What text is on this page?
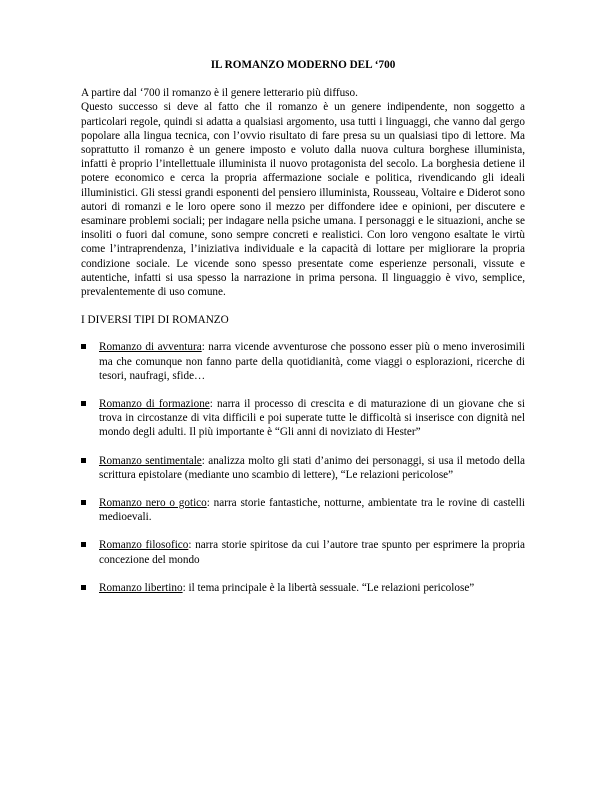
IL ROMANZO MODERNO DEL ‘700

A partire dal ‘700 il romanzo è il genere letterario più diffuso.

Questo successo si deve al fatto che il romanzo è un genere indipendente, non soggetto a particolari regole, quindi si adatta a qualsiasi argomento, usa tutti i linguaggi, che vanno dal gergo popolare alla lingua tecnica, con l’ovvio risultato di fare presa su un qualsiasi tipo di lettore. Ma soprattutto il romanzo è un genere imposto e voluto dalla nuova cultura borghese illuminista, infatti è proprio l’intellettuale illuminista il nuovo protagonista del secolo. La borghesia detiene il potere economico e cerca la propria affermazione sociale e politica, rivendicando gli ideali illuministici. Gli stessi grandi esponenti del pensiero illuminista, Rousseau, Voltaire e Diderot sono autori di romanzi e le loro opere sono il mezzo per diffondere idee e opinioni, per discutere e esaminare problemi sociali; per indagare nella psiche umana. I personaggi e le situazioni, anche se insoliti o fuori dal comune, sono sempre concreti e realistici. Con loro vengono esaltate le virtù come l’intraprendenza, l’iniziativa individuale e la capacità di lottare per migliorare la propria condizione sociale. Le vicende sono spesso presentate come esperienze personali, vissute e autentiche, infatti si usa spesso la narrazione in prima persona. Il linguaggio è vivo, semplice, prevalentemente di uso comune.

I DIVERSI TIPI DI ROMANZO

Romanzo di avventura: narra vicende avventurose che possono esser più o meno inverosimili ma che comunque non fanno parte della quotidianità, come viaggi o esplorazioni, ricerche di tesori, naufragi, sfide…
Romanzo di formazione: narra il processo di crescita e di maturazione di un giovane che si trova in circostanze di vita difficili e poi superate tutte le difficoltà si inserisce con dignità nel mondo degli adulti. Il più importante è “Gli anni di noviziato di Hester”
Romanzo sentimentale: analizza molto gli stati d’animo dei personaggi, si usa il metodo della scrittura epistolare (mediante uno scambio di lettere), “Le relazioni pericolose”
Romanzo nero o gotico: narra storie fantastiche, notturne, ambientate tra le rovine di castelli medioevali.
Romanzo filosofico: narra storie spiritose da cui l’autore trae spunto per esprimere la propria concezione del mondo
Romanzo libertino: il tema principale è la libertà sessuale. “Le relazioni pericolose”
